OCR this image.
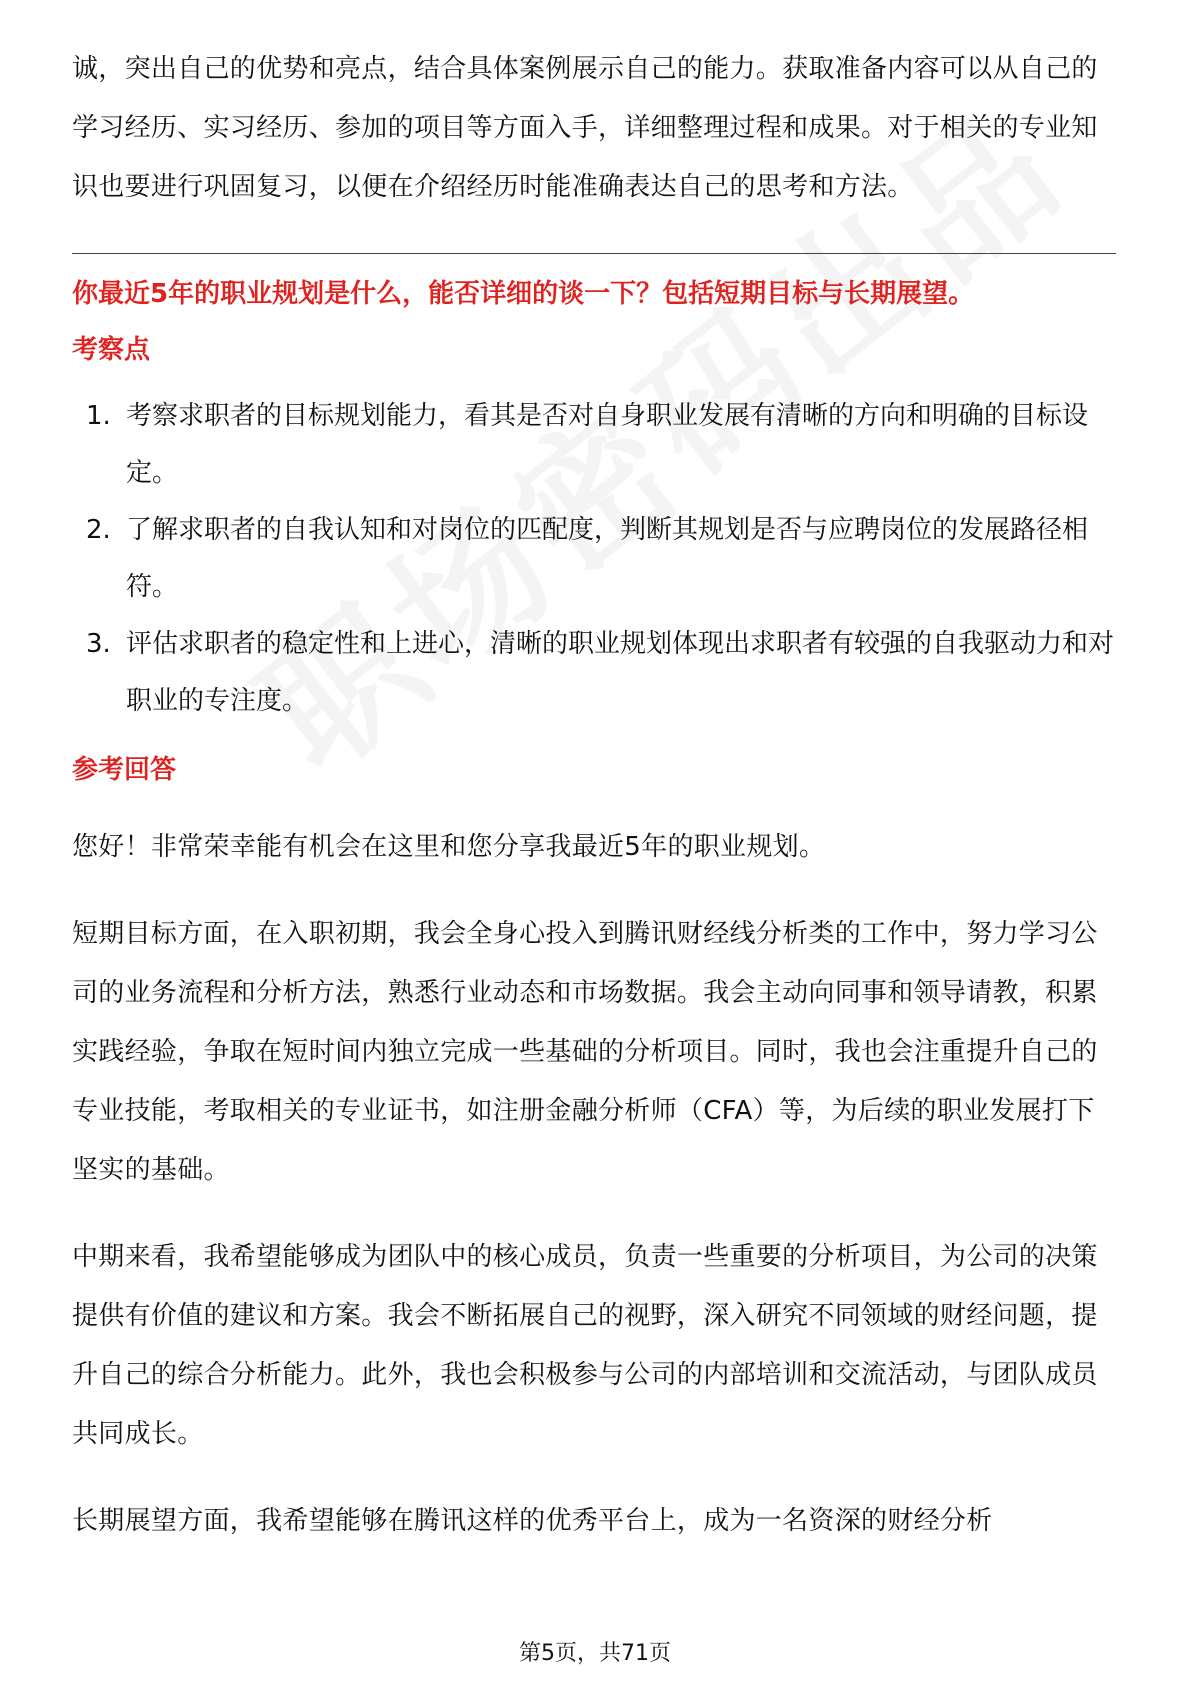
诚，突出自己的优势和亮点，结合具体案例展示自己的能力。获取准备内容可以从自己的学习经历、实习经历、参加的项目等方面入手，详细整理过程和成果。对于相关的专业知识也要进行巩固复习，以便在介绍经历时能准确表达自己的思考和方法。

你最近5年的职业规划是什么，能否详细的谈一下？包括短期目标与长期展望。
考察点
1. 考察求职者的目标规划能力，看其是否对自身职业发展有清晰的方向和明确的目标设定。
2. 了解求职者的自我认知和对岗位的匹配度，判断其规划是否与应聘岗位的发展路径相符。
3. 评估求职者的稳定性和上进心，清晰的职业规划体现出求职者有较强的自我驱动力和对职业的专注度。
参考回答

您好！非常荣幸能有机会在这里和您分享我最近5年的职业规划。

短期目标方面，在入职初期，我会全身心投入到腾讯财经线分析类的工作中，努力学习公司的业务流程和分析方法，熟悉行业动态和市场数据。我会主动向同事和领导请教，积累实践经验，争取在短时间内独立完成一些基础的分析项目。同时，我也会注重提升自己的专业技能，考取相关的专业证书，如注册金融分析师（CFA）等，为后续的职业发展打下坚实的基础。

中期来看，我希望能够成为团队中的核心成员，负责一些重要的分析项目，为公司的决策提供有价值的建议和方案。我会不断拓展自己的视野，深入研究不同领域的财经问题，提升自己的综合分析能力。此外，我也会积极参与公司的内部培训和交流活动，与团队成员共同成长。

长期展望方面，我希望能够在腾讯这样的优秀平台上，成为一名资深的财经分析

第5页，共71页
